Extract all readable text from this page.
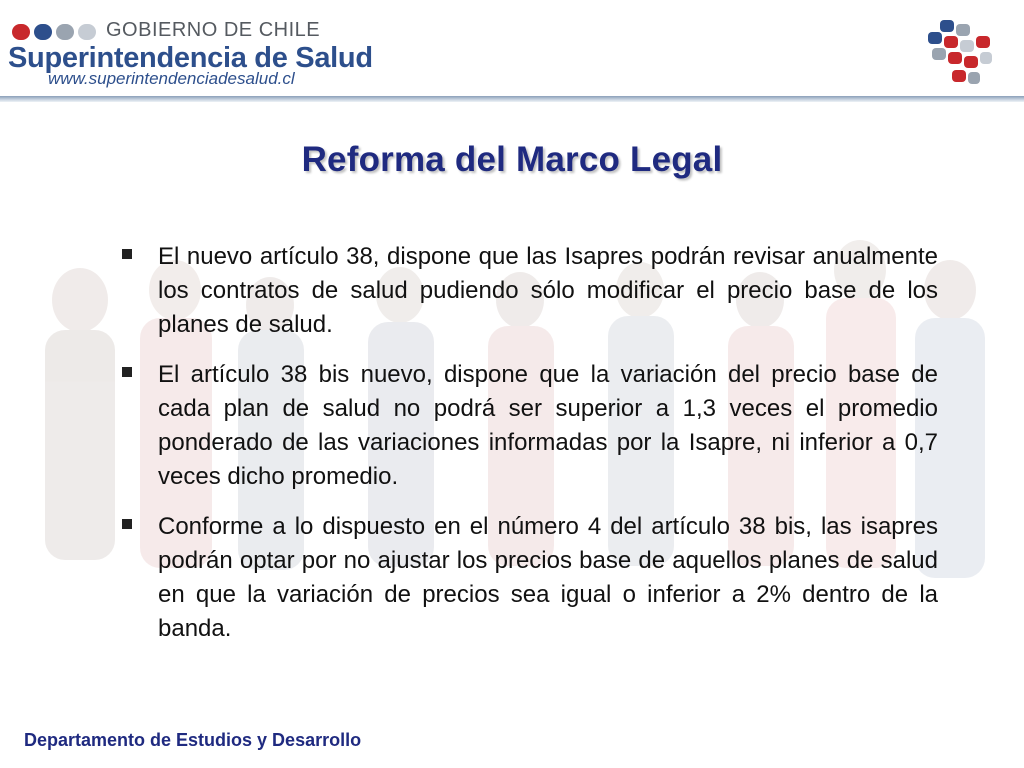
GOBIERNO DE CHILE
Superintendencia de Salud
www.superintendenciadesalud.cl
Reforma del Marco Legal
El nuevo artículo 38, dispone que las Isapres podrán revisar anualmente los contratos de salud pudiendo sólo modificar el precio base de los planes de salud.
El artículo 38 bis nuevo, dispone que la variación del precio base de cada plan de salud no podrá ser superior a 1,3 veces el promedio ponderado de las variaciones informadas por la Isapre, ni inferior a 0,7 veces dicho promedio.
Conforme a lo dispuesto en el número 4 del artículo 38 bis, las isapres podrán optar por no ajustar los precios base de aquellos planes de salud en que la variación de precios sea igual o inferior a 2% dentro de la banda.
Departamento de Estudios y Desarrollo
